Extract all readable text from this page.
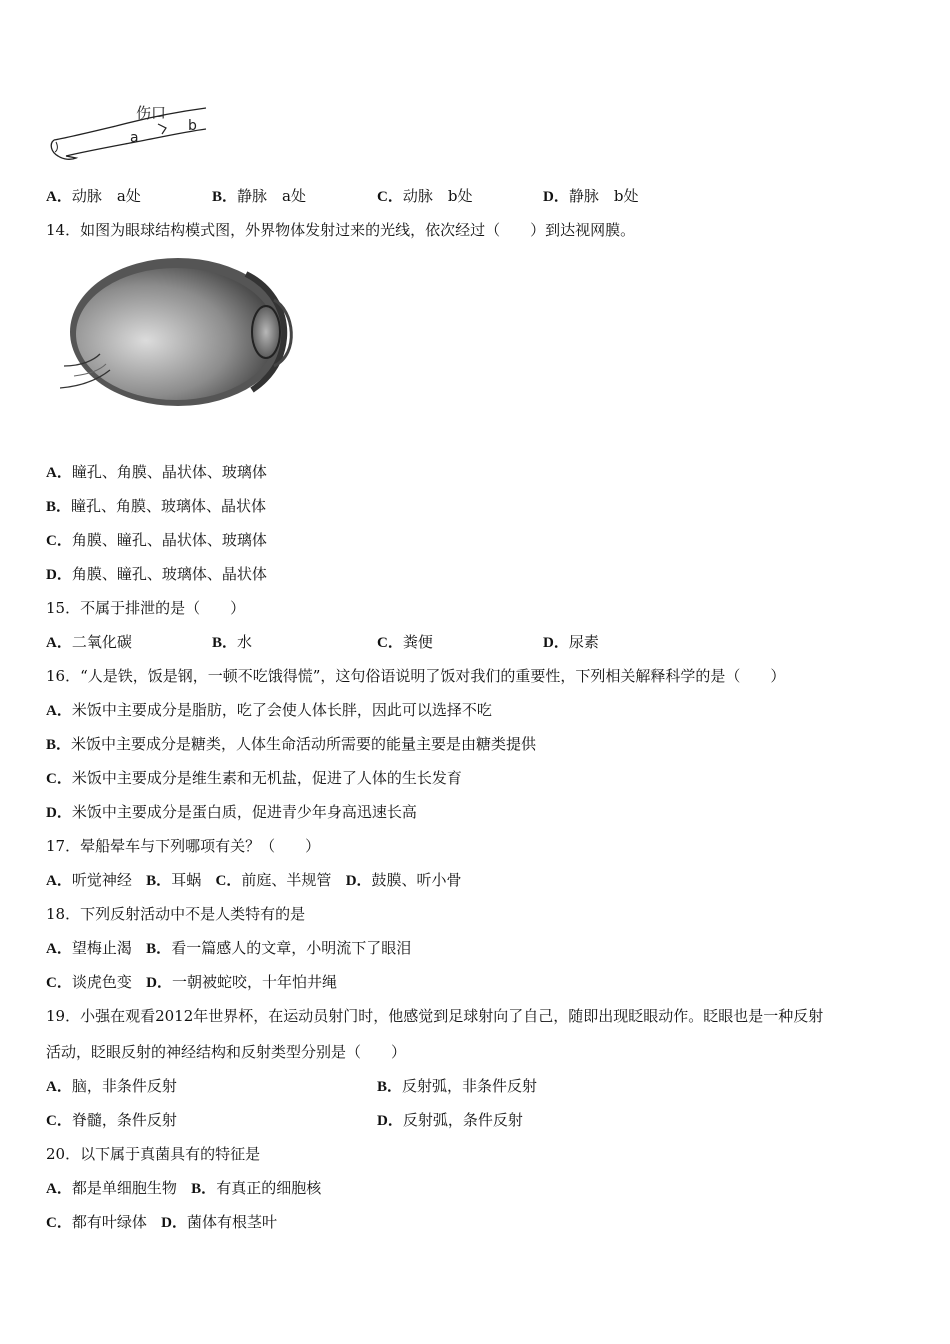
伤口
a
b
A．动脉　a处	B．静脉　a处	C．动脉　b处	D．静脉　b处
14．如图为眼球结构模式图，外界物体发射过来的光线，依次经过（　　）到达视网膜。
A．瞳孔、角膜、晶状体、玻璃体
B．瞳孔、角膜、玻璃体、晶状体
C．角膜、瞳孔、晶状体、玻璃体
D．角膜、瞳孔、玻璃体、晶状体
15．不属于排泄的是（　　）
A．二氧化碳	B．水	C．粪便	D．尿素
16．“人是铁，饭是钢，一顿不吃饿得慌”，这句俗语说明了饭对我们的重要性，下列相关解释科学的是（　　）
A．米饭中主要成分是脂肪，吃了会使人体长胖，因此可以选择不吃
B．米饭中主要成分是糖类，人体生命活动所需要的能量主要是由糖类提供
C．米饭中主要成分是维生素和无机盐，促进了人体的生长发育
D．米饭中主要成分是蛋白质，促进青少年身高迅速长高
17．晕船晕车与下列哪项有关？（　　）
A．听觉神经 B．耳蜗 C．前庭、半规管 D．鼓膜、听小骨
18．下列反射活动中不是人类特有的是
A．望梅止渴 B．看一篇感人的文章，小明流下了眼泪
C．谈虎色变 D．一朝被蛇咬，十年怕井绳
19．小强在观看2012年世界杯，在运动员射门时，他感觉到足球射向了自己，随即出现眨眼动作。眨眼也是一种反射
活动，眨眼反射的神经结构和反射类型分别是（　　）
A．脑，非条件反射	B．反射弧，非条件反射
C．脊髓，条件反射	D．反射弧，条件反射
20．以下属于真菌具有的特征是
A．都是单细胞生物 B．有真正的细胞核
C．都有叶绿体 D．菌体有根茎叶
